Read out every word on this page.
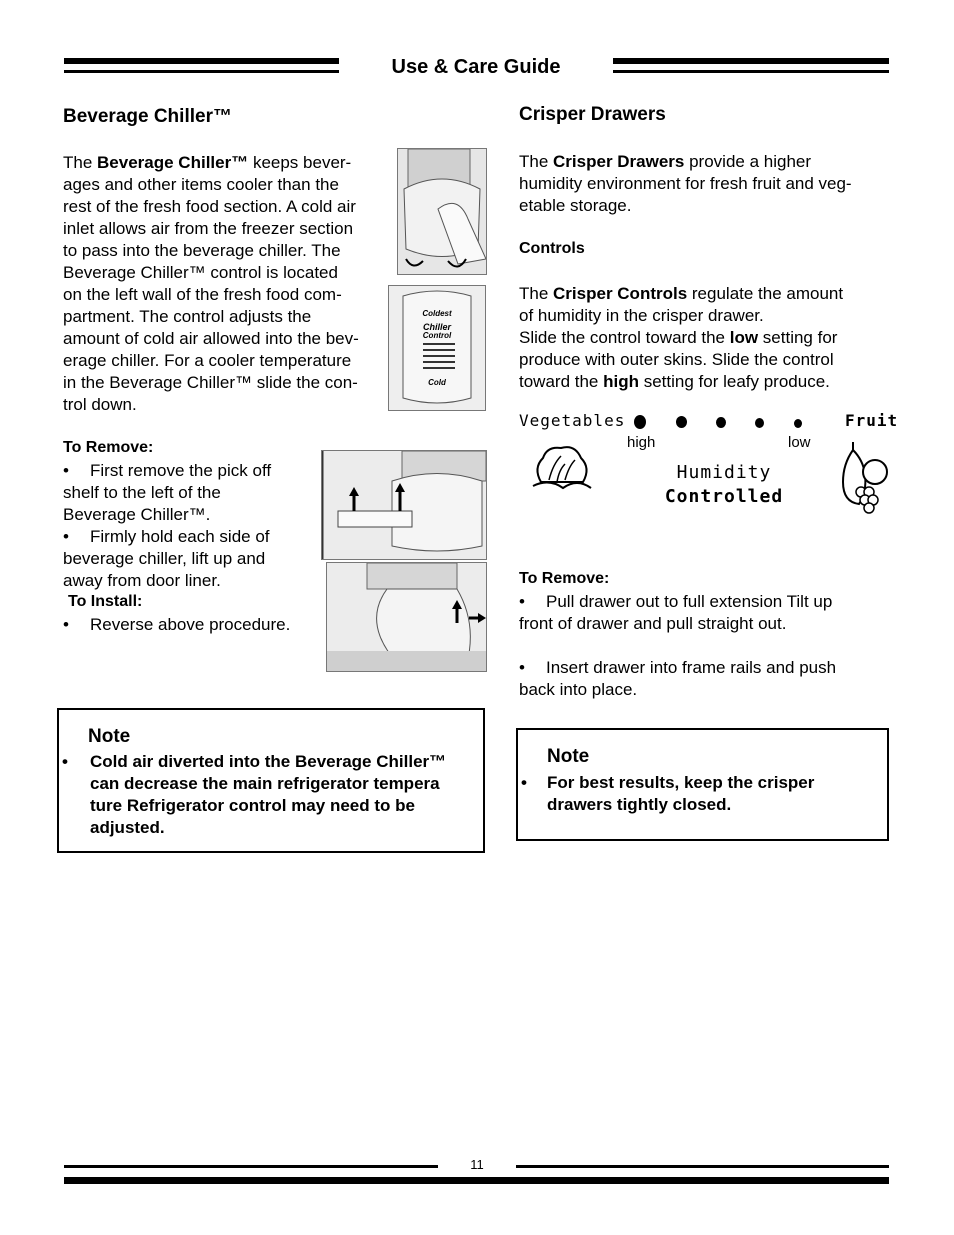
Use & Care Guide
Beverage Chiller™
The Beverage Chiller™ keeps bever-
ages and other items cooler than the
rest of the fresh food section. A cold air
inlet allows air from the freezer section
to pass into the beverage chiller. The
Beverage Chiller™ control is located
on the left wall of the fresh food com-
partment. The control adjusts the
amount of cold air allowed into the bev-
erage chiller. For a cooler temperature
in the Beverage Chiller™ slide the con-
trol down.
To Remove:
• First remove the pick off
shelf to the left of the
Beverage Chiller™.
• Firmly hold each side of
beverage chiller, lift up and
away from door liner.
To Install:
• Reverse above procedure.
Coldest
Chiller
Control
Cold
Note
• Cold air diverted into the Beverage Chiller™
can decrease the main refrigerator tempera
ture Refrigerator control may need to be
adjusted.
Crisper Drawers
The Crisper Drawers provide a higher
humidity environment for fresh fruit and veg-
etable storage.
Controls
The Crisper Controls regulate the amount
of humidity in the crisper drawer.
Slide the control toward the low setting for
produce with outer skins. Slide the control
toward the high setting for leafy produce.
Vegetables	Fruit
high	low
Humidity
Controlled
To Remove:
• Pull drawer out to full extension Tilt up
front of drawer and pull straight out.
• Insert drawer into frame rails and push
back into place.
Note
• For best results, keep the crisper
drawers tightly closed.
11
